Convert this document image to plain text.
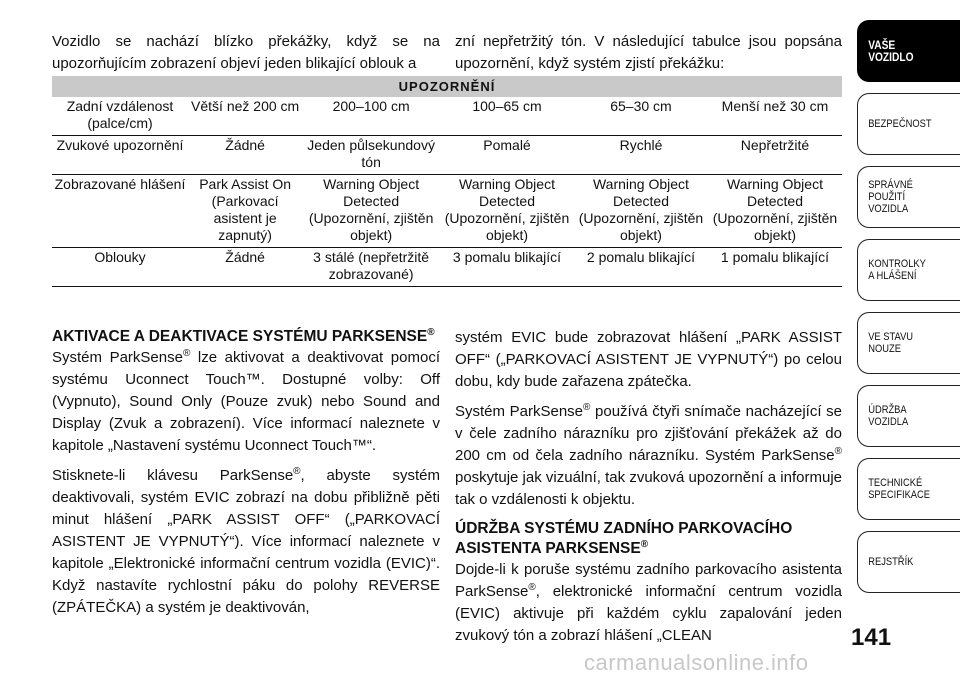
Vozidlo se nachází blízko překážky, když se na upozorňujícím zobrazení objeví jeden blikající oblouk a

zní nepřetržitý tón. V následující tabulce jsou popsána upozornění, když systém zjistí překážku:

UPOZORNĚNÍ					
Zadní vzdálenost (palce/cm)	Větší než 200 cm	200–100 cm	100–65 cm	65–30 cm	Menší než 30 cm
Zvukové upozornění	Žádné	Jeden půlsekundový tón	Pomalé	Rychlé	Nepřetržité
Zobrazované hlášení	Park Assist On (Parkovací asistent je zapnutý)	Warning Object Detected (Upozornění, zjištěn objekt)	Warning Object Detected (Upozornění, zjištěn objekt)	Warning Object Detected (Upozornění, zjištěn objekt)	Warning Object Detected (Upozornění, zjištěn objekt)
Oblouky	Žádné	3 stálé (nepřetržitě zobrazované)	3 pomalu blikající	2 pomalu blikající	1 pomalu blikající
AKTIVACE A DEAKTIVACE SYSTÉMU PARKSENSE®

Systém ParkSense® lze aktivovat a deaktivovat pomocí systému Uconnect Touch™. Dostupné volby: Off (Vypnuto), Sound Only (Pouze zvuk) nebo Sound and Display (Zvuk a zobrazení). Více informací naleznete v kapitole „Nastavení systému Uconnect Touch™“.

Stisknete-li klávesu ParkSense®, abyste systém deaktivovali, systém EVIC zobrazí na dobu přibližně pěti minut hlášení „PARK ASSIST OFF“ („PARKOVACÍ ASISTENT JE VYPNUTÝ“). Více informací naleznete v kapitole „Elektronické informační centrum vozidla (EVIC)“. Když nastavíte rychlostní páku do polohy REVERSE (ZPÁTEČKA) a systém je deaktivován,

systém EVIC bude zobrazovat hlášení „PARK ASSIST OFF“ („PARKOVACÍ ASISTENT JE VYPNUTÝ“) po celou dobu, kdy bude zařazena zpátečka.

Systém ParkSense® používá čtyři snímače nacházející se v čele zadního nárazníku pro zjišťování překážek až do 200 cm od čela zadního nárazníku. Systém ParkSense® poskytuje jak vizuální, tak zvuková upozornění a informuje tak o vzdálenosti k objektu.

ÚDRŽBA SYSTÉMU ZADNÍHO PARKOVACÍHO ASISTENTA PARKSENSE®

Dojde-li k poruše systému zadního parkovacího asistenta ParkSense®, elektronické informační centrum vozidla (EVIC) aktivuje při každém cyklu zapalování jeden zvukový tón a zobrazí hlášení „CLEAN

VAŠE
VOZIDLO
BEZPEČNOST
SPRÁVNÉ
POUŽITÍ
VOZIDLA
KONTROLKY
A HLÁŠENÍ
VE STAVU
NOUZE
ÚDRŽBA
VOZIDLA
TECHNICKÉ
SPECIFIKACE
REJSTŘÍK
141
carmanualsonline.info
